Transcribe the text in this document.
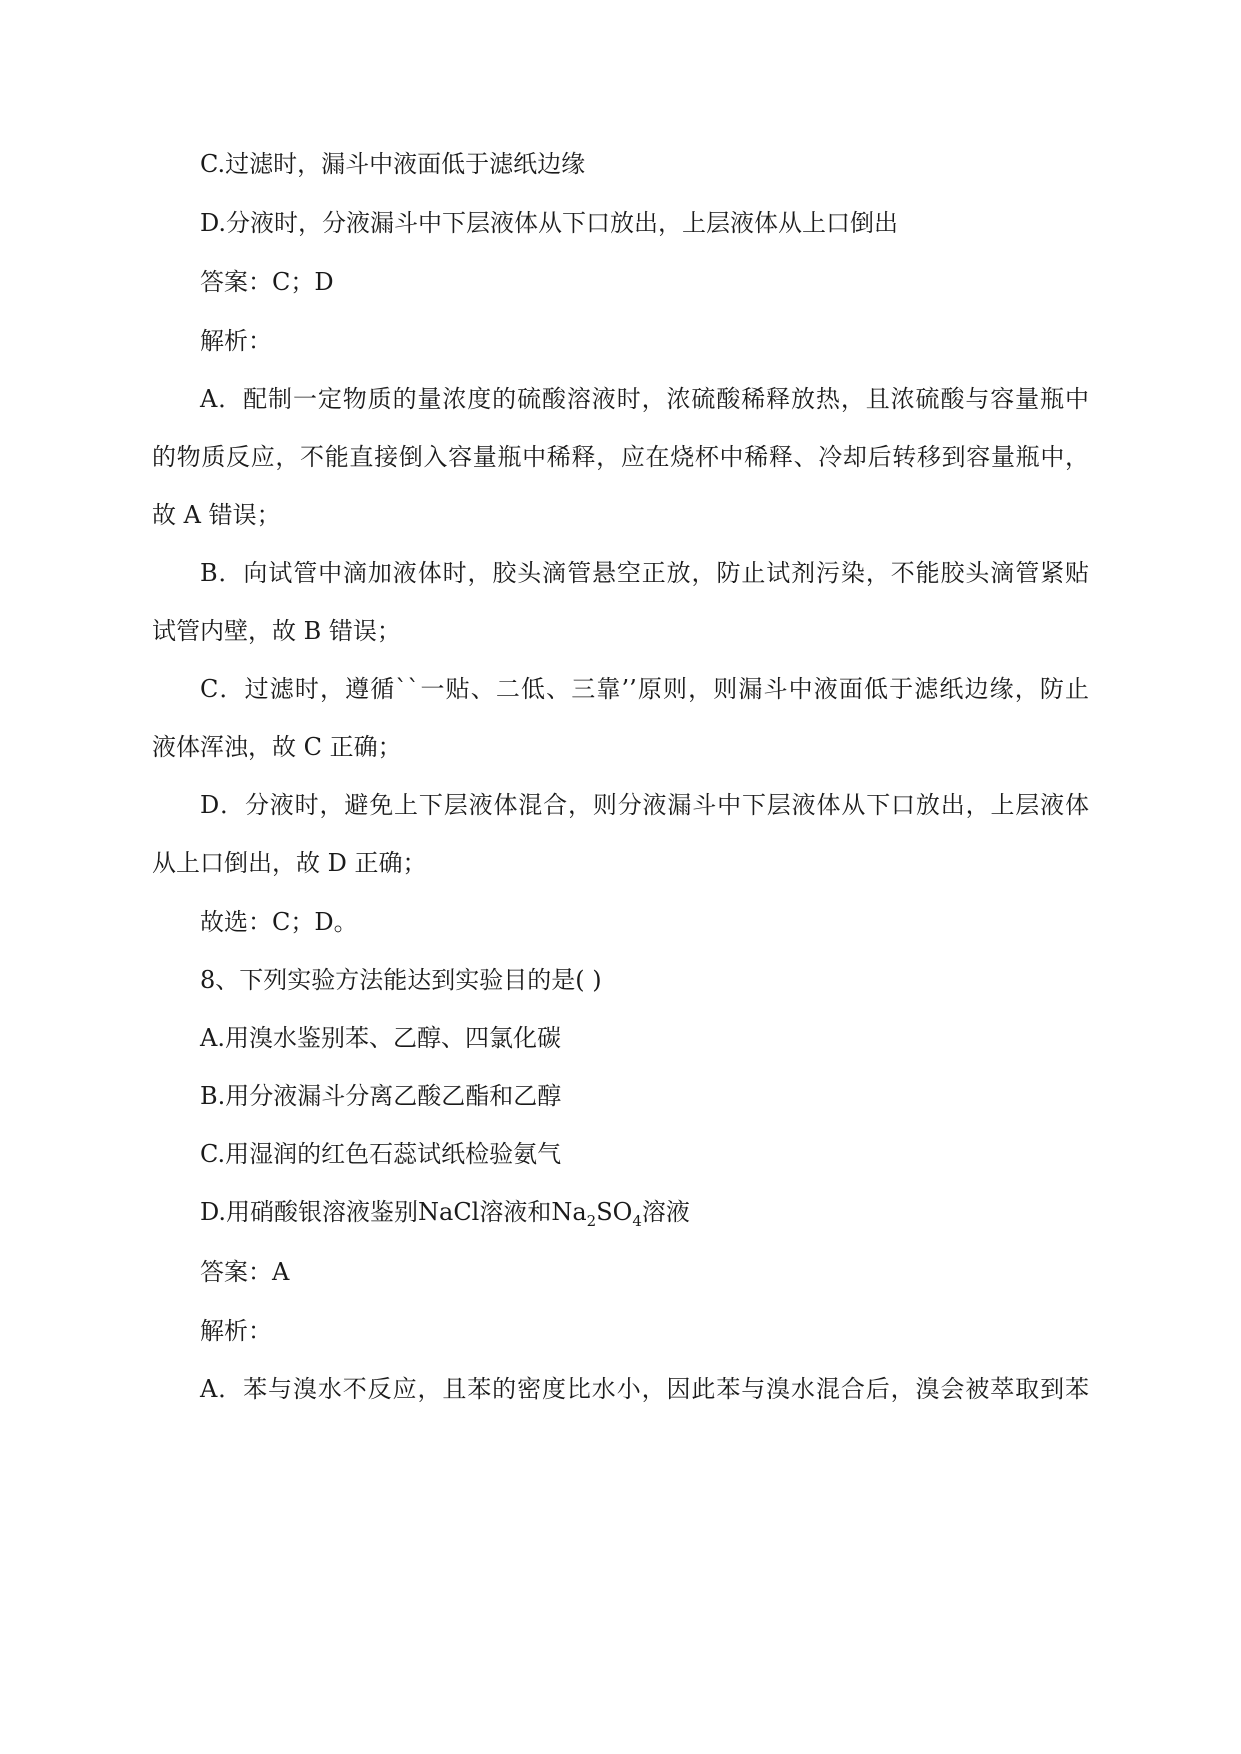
C.过滤时，漏斗中液面低于滤纸边缘
D.分液时，分液漏斗中下层液体从下口放出，上层液体从上口倒出
答案：C；D
解析：
A．配制一定物质的量浓度的硫酸溶液时，浓硫酸稀释放热，且浓硫酸与容量瓶中
的物质反应，不能直接倒入容量瓶中稀释，应在烧杯中稀释、冷却后转移到容量瓶中，
故 A 错误；
B．向试管中滴加液体时，胶头滴管悬空正放，防止试剂污染，不能胶头滴管紧贴
试管内壁，故 B 错误；
C．过滤时，遵循``一贴、二低、三靠’’原则，则漏斗中液面低于滤纸边缘，防止
液体浑浊，故 C 正确；
D．分液时，避免上下层液体混合，则分液漏斗中下层液体从下口放出，上层液体
从上口倒出，故 D 正确；
故选：C；D。
8、下列实验方法能达到实验目的是( )
A.用溴水鉴别苯、乙醇、四氯化碳
B.用分液漏斗分离乙酸乙酯和乙醇
C.用湿润的红色石蕊试纸检验氨气
D.用硝酸银溶液鉴别NaCl溶液和$Na_2SO_4$溶液
答案：A
解析：
A．苯与溴水不反应，且苯的密度比水小，因此苯与溴水混合后，溴会被萃取到苯
